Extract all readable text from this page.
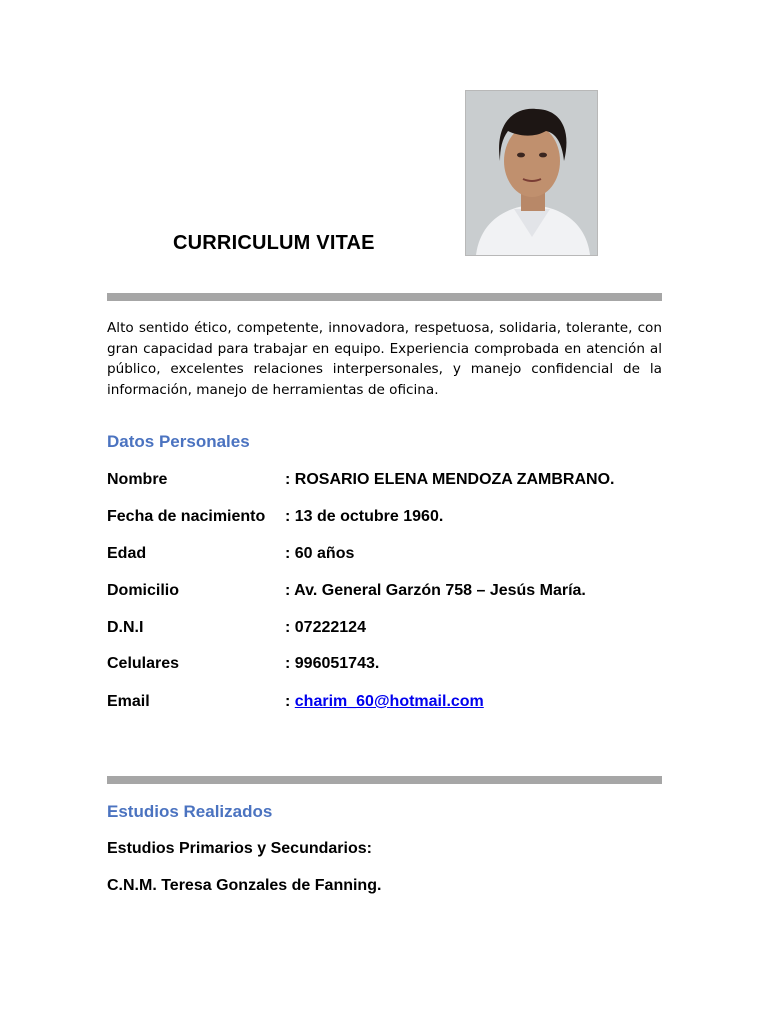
CURRICULUM VITAE

Alto sentido ético, competente, innovadora, respetuosa, solidaria, tolerante, con gran capacidad para trabajar en equipo. Experiencia comprobada en atención al público, excelentes relaciones interpersonales, y manejo confidencial de la información, manejo de herramientas de oficina.

Datos Personales
Nombre	: ROSARIO ELENA MENDOZA ZAMBRANO.
Fecha de nacimiento : 13 de octubre 1960.
Edad	: 60 años
Domicilio	: Av. General Garzón 758 – Jesús María.
D.N.I	: 07222124
Celulares	: 996051743.
Email	: charim_60@hotmail.com
Estudios Realizados
Estudios Primarios y Secundarios:
C.N.M. Teresa Gonzales de Fanning.
